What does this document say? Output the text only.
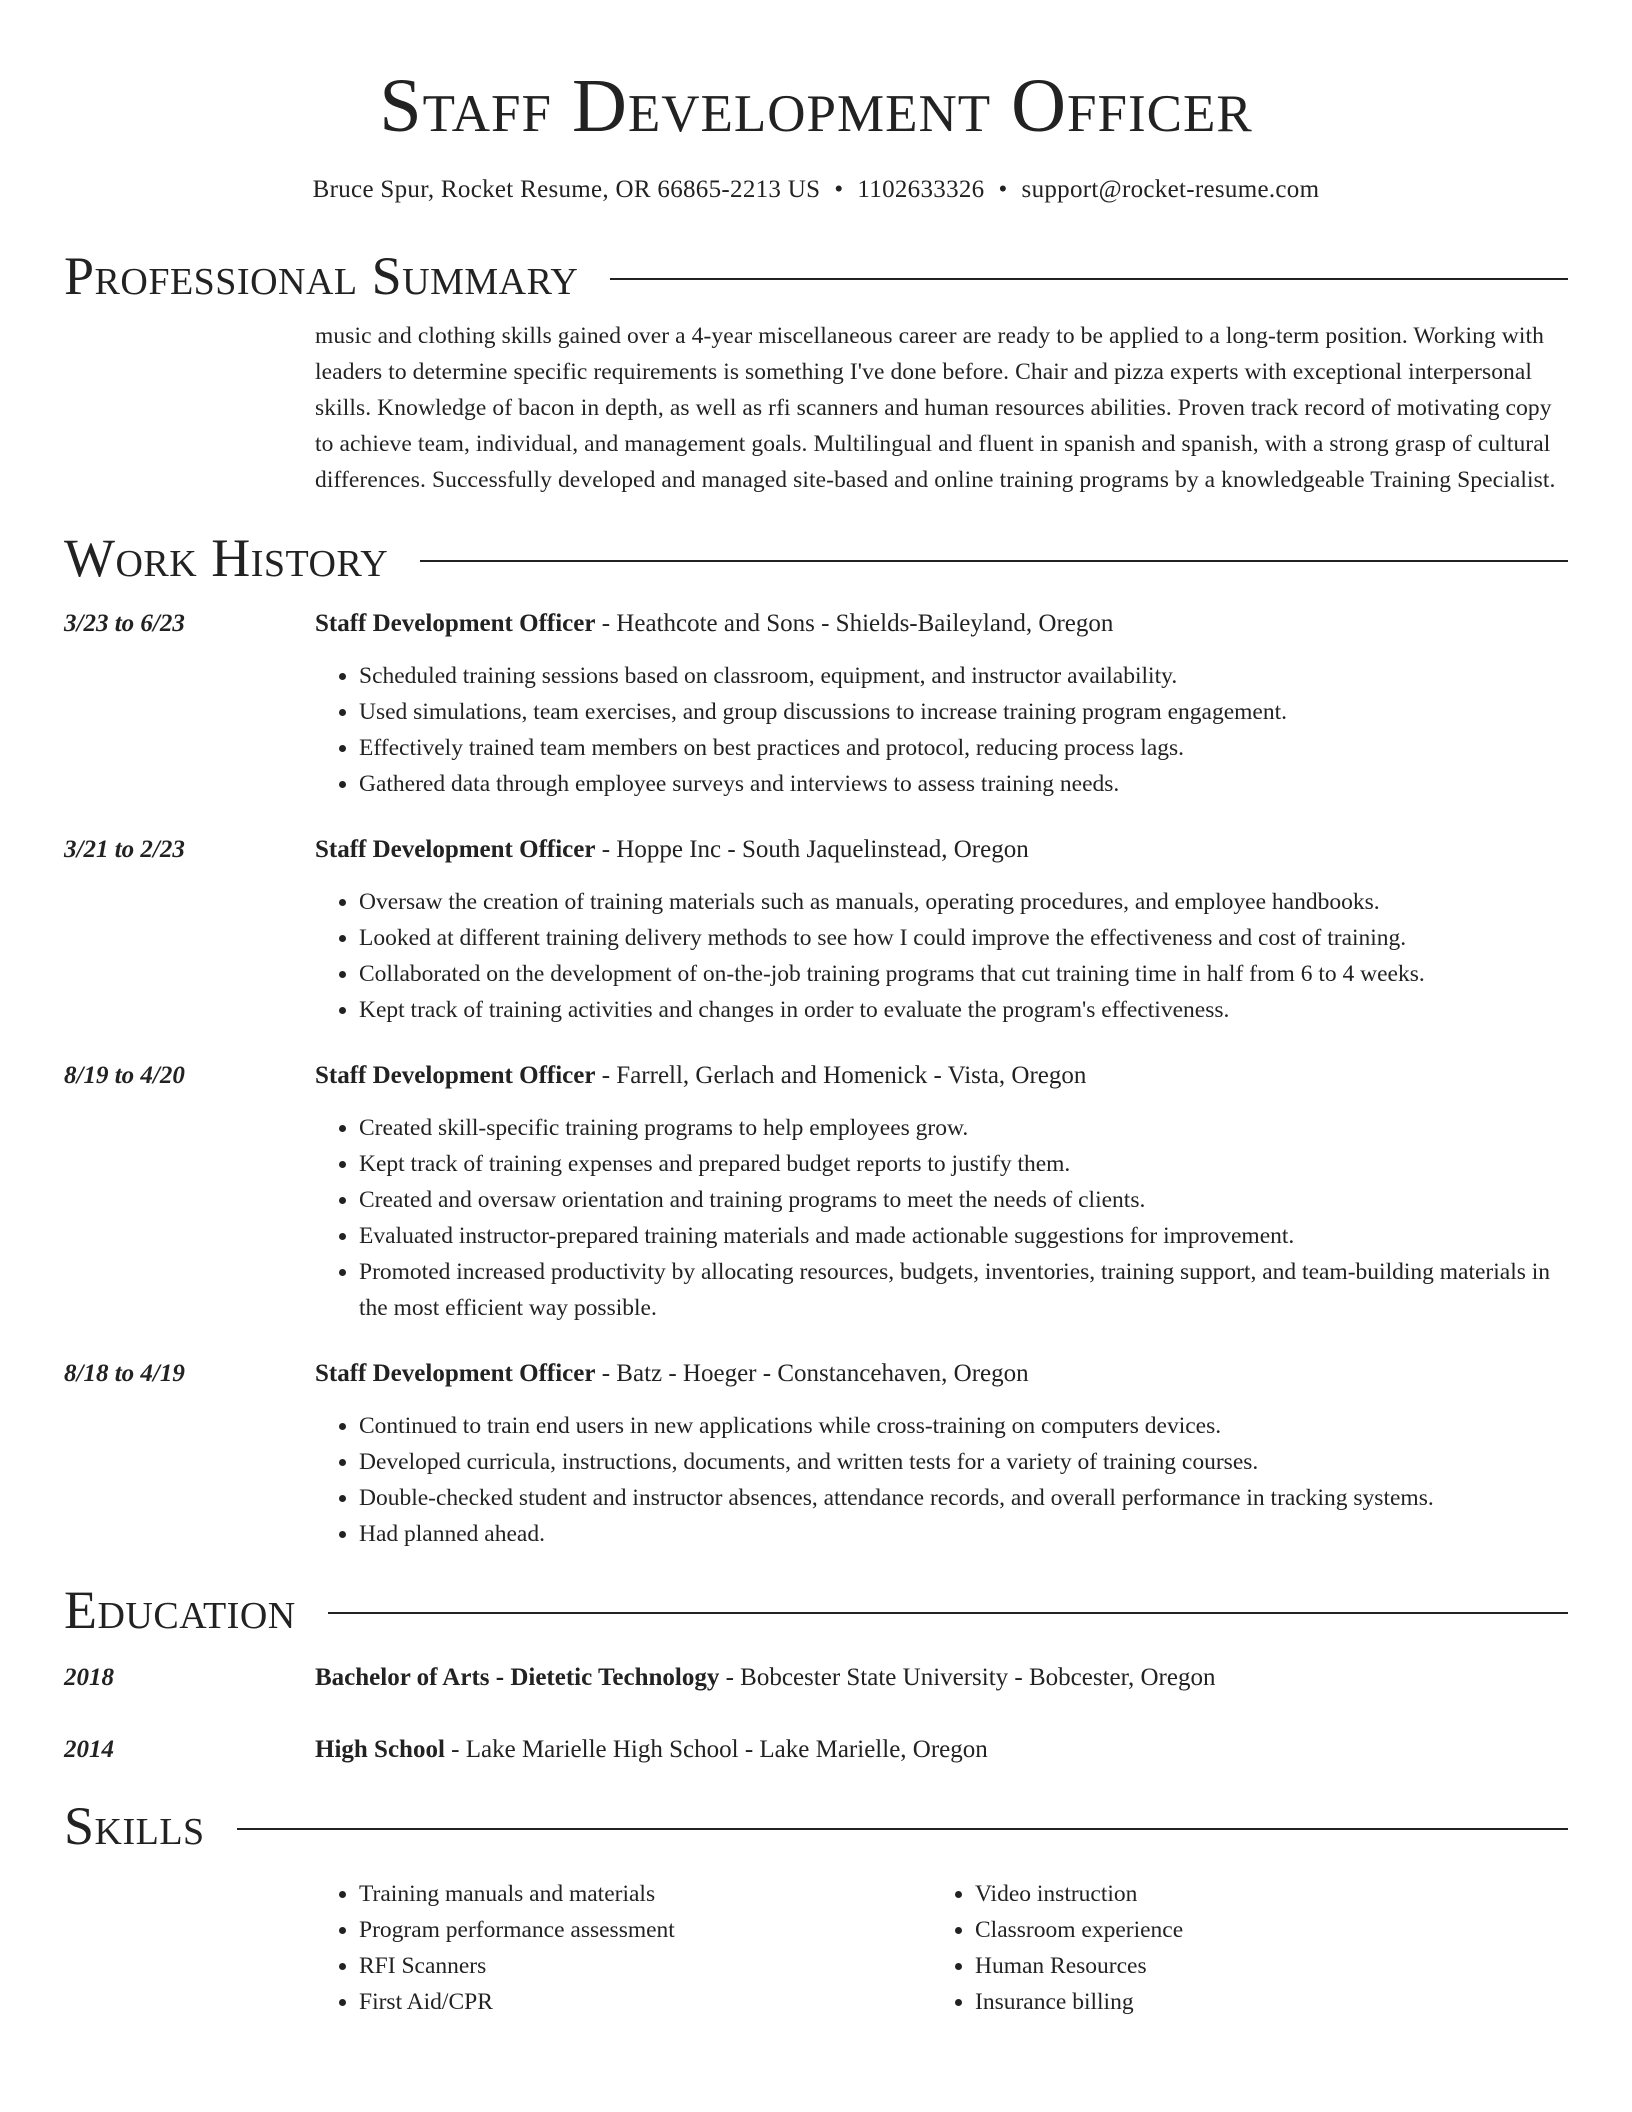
Staff Development Officer
Bruce Spur, Rocket Resume, OR 66865-2213 US • 1102633326 • support@rocket-resume.com
Professional Summary
music and clothing skills gained over a 4-year miscellaneous career are ready to be applied to a long-term position. Working with leaders to determine specific requirements is something I've done before. Chair and pizza experts with exceptional interpersonal skills. Knowledge of bacon in depth, as well as rfi scanners and human resources abilities. Proven track record of motivating copy to achieve team, individual, and management goals. Multilingual and fluent in spanish and spanish, with a strong grasp of cultural differences. Successfully developed and managed site-based and online training programs by a knowledgeable Training Specialist.
Work History
3/23 to 6/23	Staff Development Officer - Heathcote and Sons - Shields-Baileyland, Oregon
• Scheduled training sessions based on classroom, equipment, and instructor availability.
• Used simulations, team exercises, and group discussions to increase training program engagement.
• Effectively trained team members on best practices and protocol, reducing process lags.
• Gathered data through employee surveys and interviews to assess training needs.
3/21 to 2/23	Staff Development Officer - Hoppe Inc - South Jaquelinstead, Oregon
• Oversaw the creation of training materials such as manuals, operating procedures, and employee handbooks.
• Looked at different training delivery methods to see how I could improve the effectiveness and cost of training.
• Collaborated on the development of on-the-job training programs that cut training time in half from 6 to 4 weeks.
• Kept track of training activities and changes in order to evaluate the program's effectiveness.
8/19 to 4/20	Staff Development Officer - Farrell, Gerlach and Homenick - Vista, Oregon
• Created skill-specific training programs to help employees grow.
• Kept track of training expenses and prepared budget reports to justify them.
• Created and oversaw orientation and training programs to meet the needs of clients.
• Evaluated instructor-prepared training materials and made actionable suggestions for improvement.
• Promoted increased productivity by allocating resources, budgets, inventories, training support, and team-building materials in the most efficient way possible.
8/18 to 4/19	Staff Development Officer - Batz - Hoeger - Constancehaven, Oregon
• Continued to train end users in new applications while cross-training on computers devices.
• Developed curricula, instructions, documents, and written tests for a variety of training courses.
• Double-checked student and instructor absences, attendance records, and overall performance in tracking systems.
• Had planned ahead.
Education
2018	Bachelor of Arts - Dietetic Technology - Bobcester State University - Bobcester, Oregon
2014	High School - Lake Marielle High School - Lake Marielle, Oregon
Skills
• Training manuals and materials
• Program performance assessment
• RFI Scanners
• First Aid/CPR
• Video instruction
• Classroom experience
• Human Resources
• Insurance billing
